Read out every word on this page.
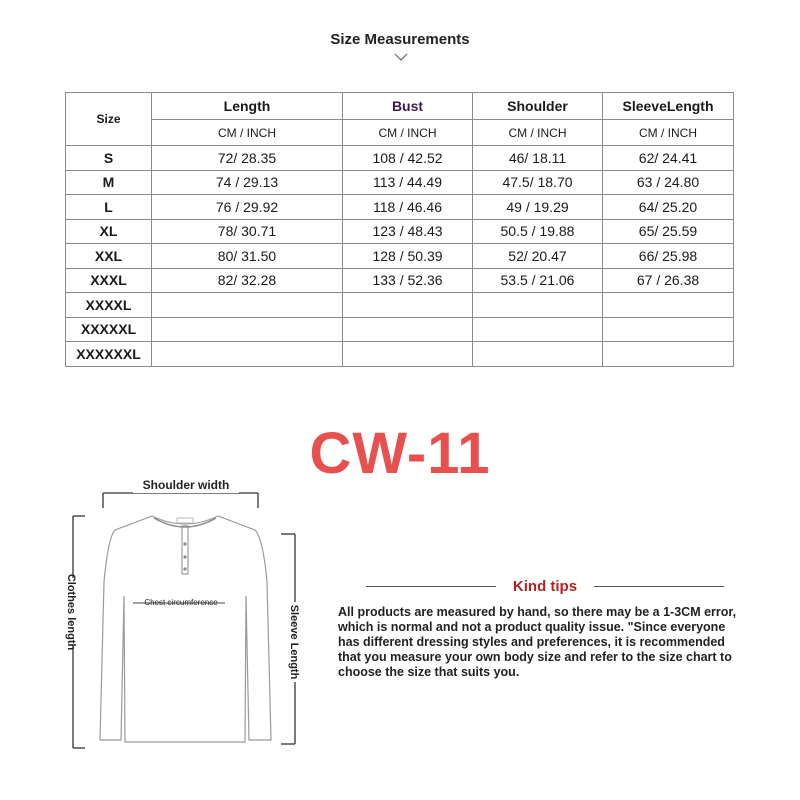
Size Measurements
Size	Length	Bust	Shoulder	SleeveLength
	CM / INCH	CM / INCH	CM / INCH	CM / INCH
S	72/ 28.35	108 / 42.52	46/ 18.11	62/ 24.41
M	74 / 29.13	113 / 44.49	47.5/ 18.70	63 / 24.80
L	76 / 29.92	118 / 46.46	49 / 19.29	64/ 25.20
XL	78/ 30.71	123 / 48.43	50.5 / 19.88	65/ 25.59
XXL	80/ 31.50	128 / 50.39	52/ 20.47	66/ 25.98
XXXL	82/ 32.28	133 / 52.36	53.5 / 21.06	67 / 26.38
XXXXL				
XXXXXL				
XXXXXXL				
CW-11
Shoulder width
Chest circumference
Clothes length	Sleeve Length
Kind tips
All products are measured by hand, so there may be a 1-3CM error,
which is normal and not a product quality issue. "Since everyone
has different dressing styles and preferences, it is recommended
that you measure your own body size and refer to the size chart to
choose the size that suits you.
